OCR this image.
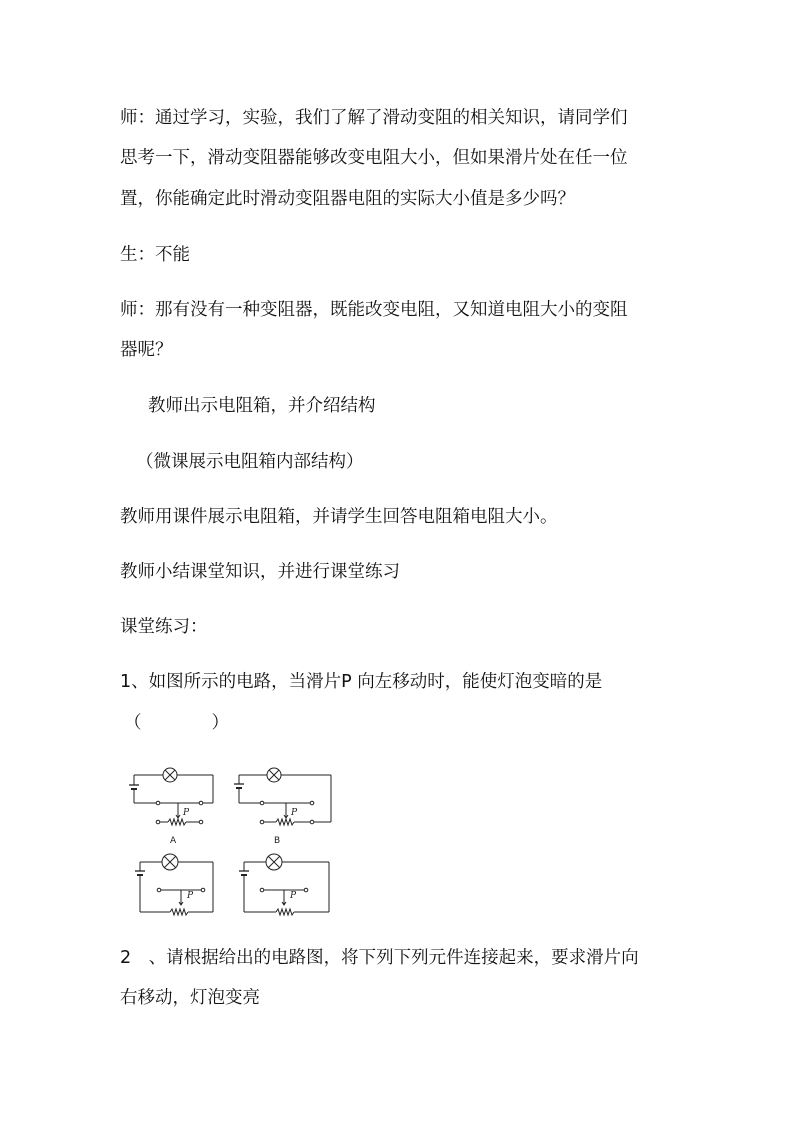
师：通过学习，实验，我们了解了滑动变阻的相关知识，请同学们
思考一下，滑动变阻器能够改变电阻大小，但如果滑片处在任一位
置，你能确定此时滑动变阻器电阻的实际大小值是多少吗？
生：不能
师：那有没有一种变阻器，既能改变电阻，又知道电阻大小的变阻
器呢？
教师出示电阻箱，并介绍结构
（微课展示电阻箱内部结构）
教师用课件展示电阻箱，并请学生回答电阻箱电阻大小。
教师小结课堂知识，并进行课堂练习
课堂练习：
1、如图所示的电路，当滑片P 向左移动时，能使灯泡变暗的是
（　　　　）
P
A
P
B
P	P
2　、请根据给出的电路图，将下列下列元件连接起来，要求滑片向
右移动，灯泡变亮
